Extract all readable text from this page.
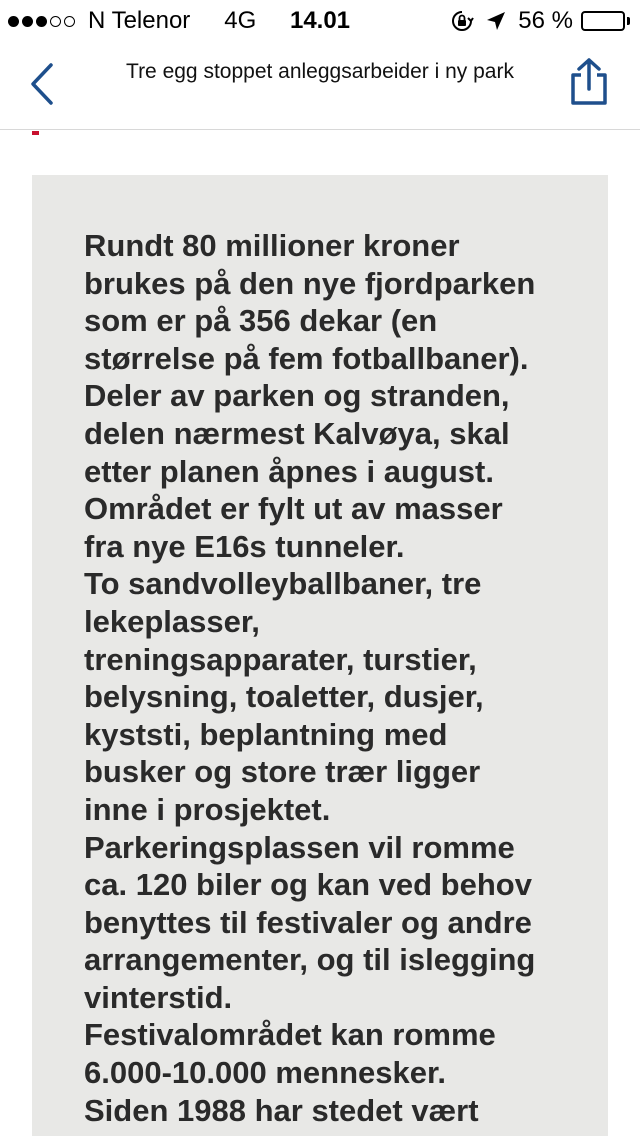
N Telenor 4G	14.01	56 %
Tre egg stoppet anleggsarbeider i ny park

Rundt 80 millioner kroner
brukes på den nye fjordparken
som er på 356 dekar (en
størrelse på fem fotballbaner).
Deler av parken og stranden,
delen nærmest Kalvøya, skal
etter planen åpnes i august.
Området er fylt ut av masser
fra nye E16s tunneler.
To sandvolleyballbaner, tre
lekeplasser,
treningsapparater, turstier,
belysning, toaletter, dusjer,
kyststi, beplantning med
busker og store trær ligger
inne i prosjektet.
Parkeringsplassen vil romme
ca. 120 biler og kan ved behov
benyttes til festivaler og andre
arrangementer, og til islegging
vinterstid.
Festivalområdet kan romme
6.000-10.000 mennesker.
Siden 1988 har stedet vært
